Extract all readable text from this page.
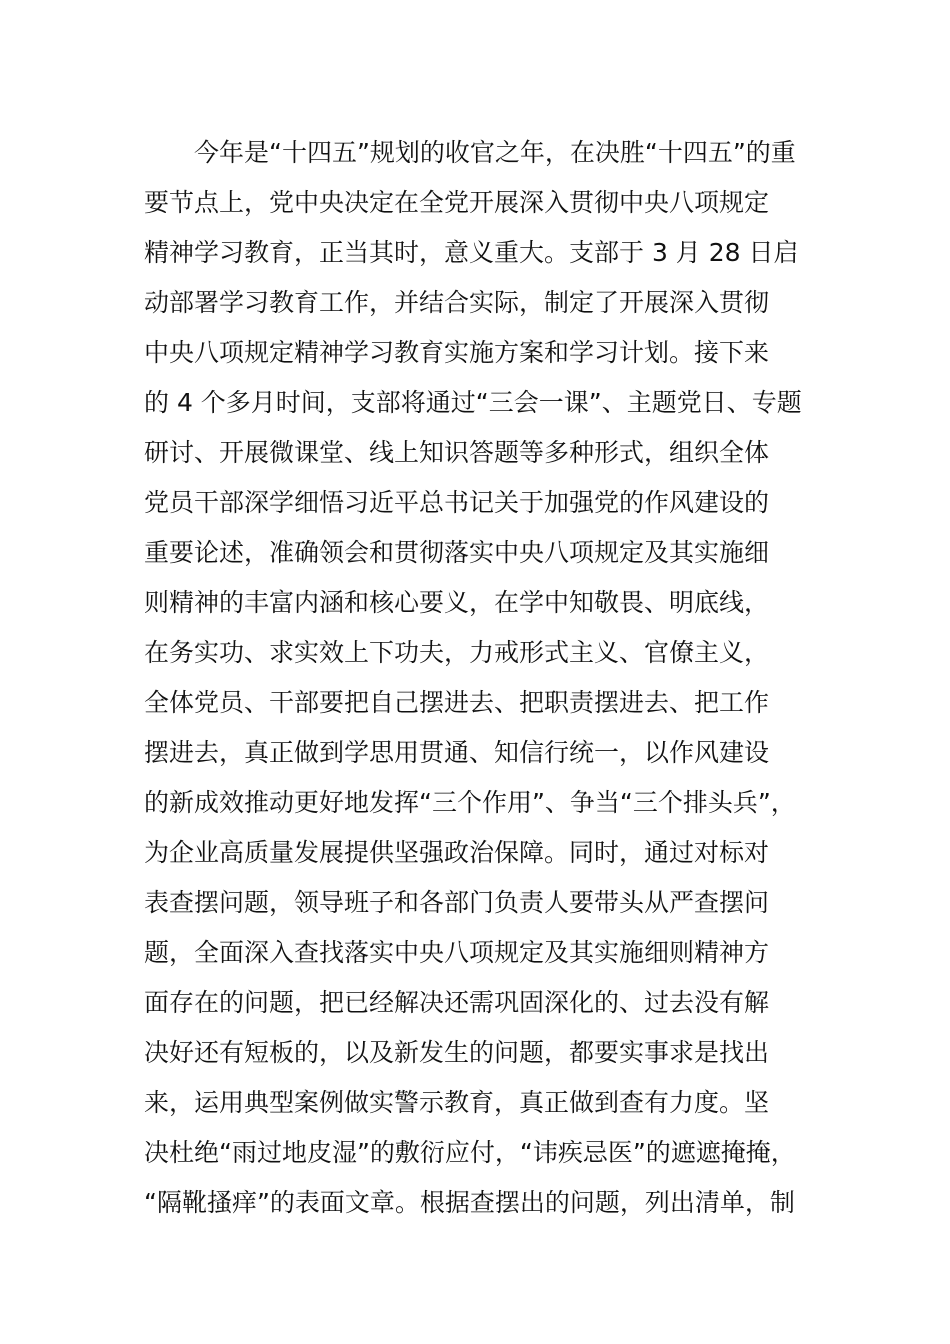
今年是“十四五”规划的收官之年，在决胜“十四五”的重
要节点上，党中央决定在全党开展深入贯彻中央八项规定
精神学习教育，正当其时，意义重大。支部于 3 月 28 日启
动部署学习教育工作，并结合实际，制定了开展深入贯彻
中央八项规定精神学习教育实施方案和学习计划。接下来
的 4 个多月时间，支部将通过“三会一课”、主题党日、专题
研讨、开展微课堂、线上知识答题等多种形式，组织全体
党员干部深学细悟习近平总书记关于加强党的作风建设的
重要论述，准确领会和贯彻落实中央八项规定及其实施细
则精神的丰富内涵和核心要义，在学中知敬畏、明底线，
在务实功、求实效上下功夫，力戒形式主义、官僚主义，
全体党员、干部要把自己摆进去、把职责摆进去、把工作
摆进去，真正做到学思用贯通、知信行统一，以作风建设
的新成效推动更好地发挥“三个作用”、争当“三个排头兵”，
为企业高质量发展提供坚强政治保障。同时，通过对标对
表查摆问题，领导班子和各部门负责人要带头从严查摆问
题，全面深入查找落实中央八项规定及其实施细则精神方
面存在的问题，把已经解决还需巩固深化的、过去没有解
决好还有短板的，以及新发生的问题，都要实事求是找出
来，运用典型案例做实警示教育，真正做到查有力度。坚
决杜绝“雨过地皮湿”的敷衍应付，“讳疾忌医”的遮遮掩掩，
“隔靴搔痒”的表面文章。根据查摆出的问题，列出清单，制
